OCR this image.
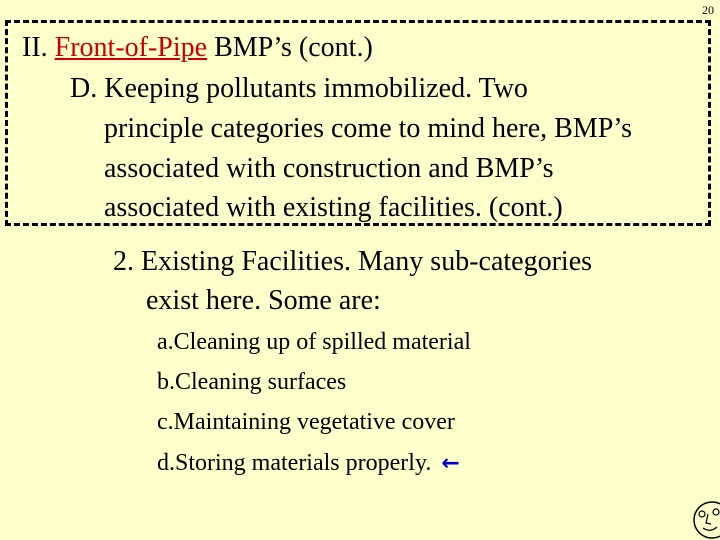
20
II. Front-of-Pipe BMP’s (cont.)
D. Keeping pollutants immobilized. Two
principle categories come to mind here, BMP’s
associated with construction and BMP’s
associated with existing facilities. (cont.)
2. Existing Facilities. Many sub-categories
exist here. Some are:
a.Cleaning up of spilled material
b.Cleaning surfaces
c.Maintaining vegetative cover
d.Storing materials properly. ←
